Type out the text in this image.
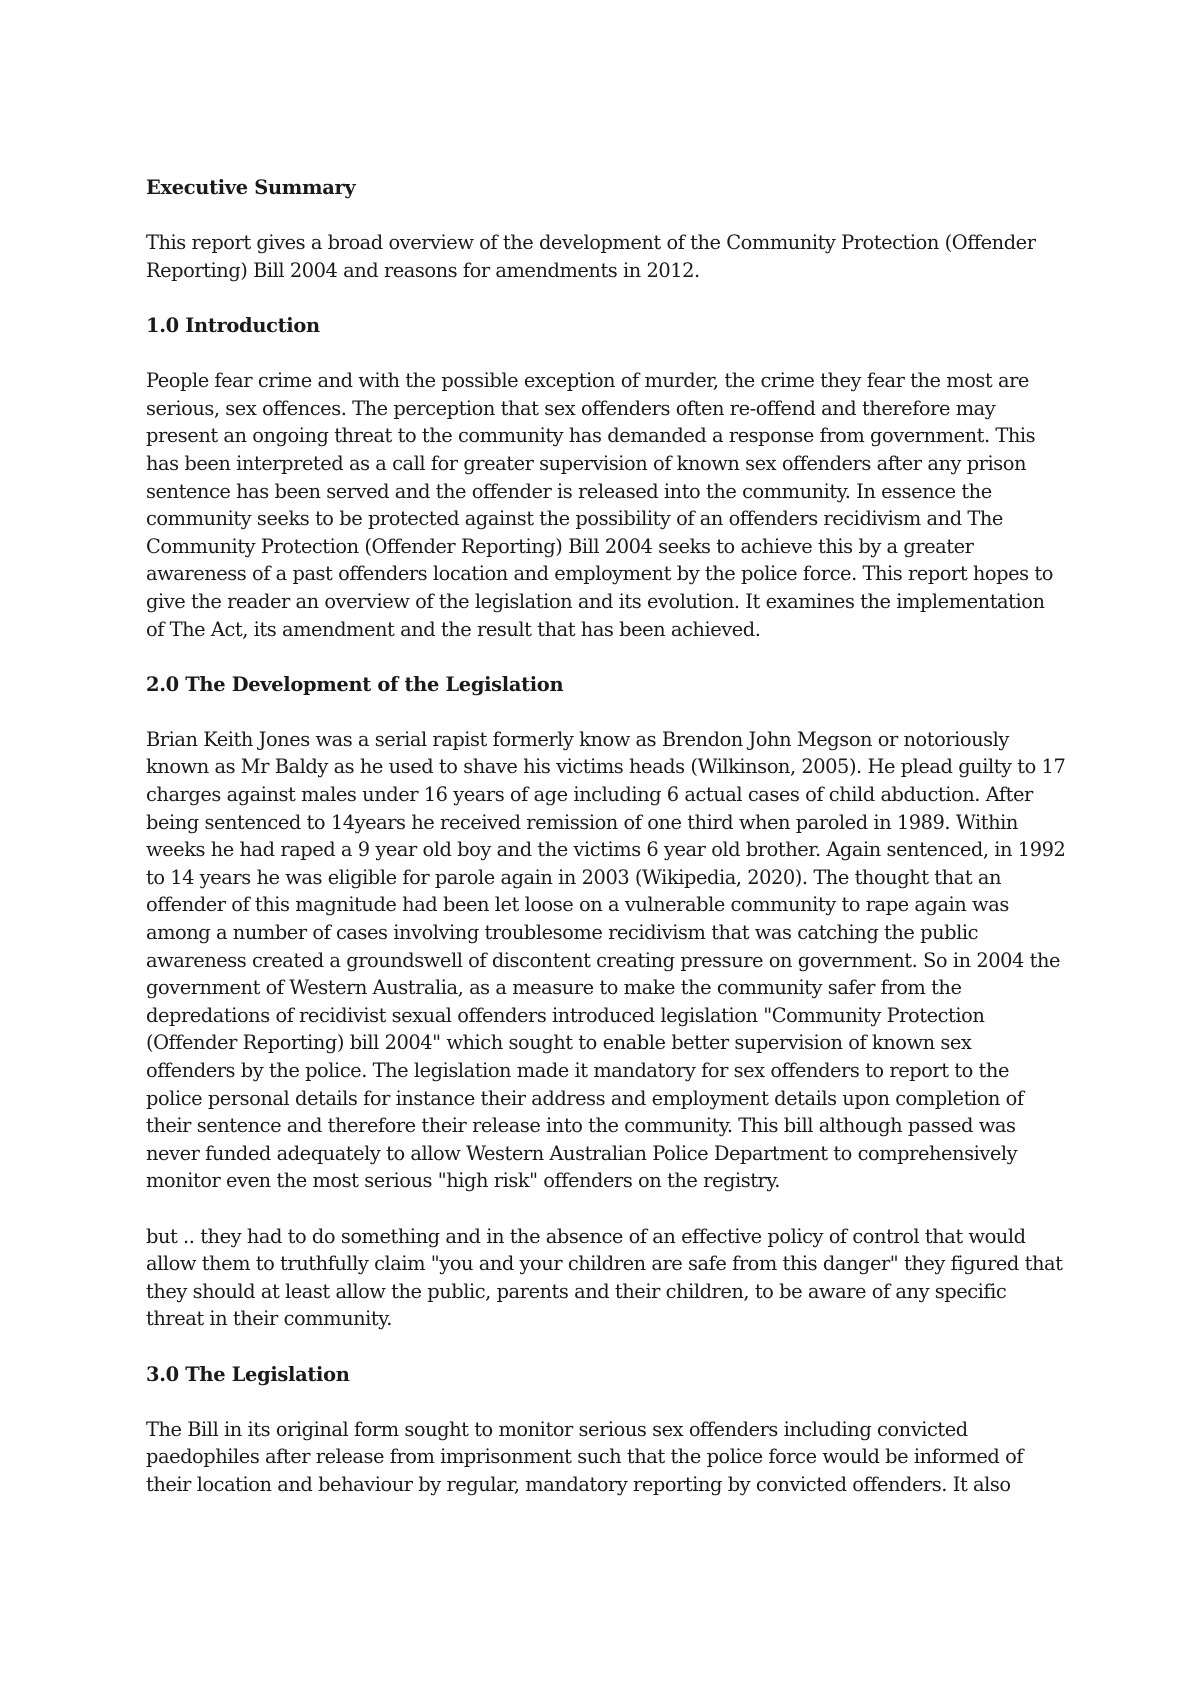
Executive Summary

This report gives a broad overview of the development of the Community Protection (Offender Reporting) Bill 2004 and reasons for amendments in 2012.

1.0 Introduction

People fear crime and with the possible exception of murder, the crime they fear the most are serious, sex offences. The perception that sex offenders often re-offend and therefore may present an ongoing threat to the community has demanded a response from government. This has been interpreted as a call for greater supervision of known sex offenders after any prison sentence has been served and the offender is released into the community. In essence the community seeks to be protected against the possibility of an offenders recidivism and The Community Protection (Offender Reporting) Bill 2004 seeks to achieve this by a greater awareness of a past offenders location and employment by the police force. This report hopes to give the reader an overview of the legislation and its evolution. It examines the implementation of The Act, its amendment and the result that has been achieved.

2.0 The Development of the Legislation

Brian Keith Jones was a serial rapist formerly know as Brendon John Megson or notoriously known as Mr Baldy as he used to shave his victims heads (Wilkinson, 2005). He plead guilty to 17 charges against males under 16 years of age including 6 actual cases of child abduction. After being sentenced to 14years he received remission of one third when paroled in 1989. Within weeks he had raped a 9 year old boy and the victims 6 year old brother. Again sentenced, in 1992 to 14 years he was eligible for parole again in 2003 (Wikipedia, 2020). The thought that an offender of this magnitude had been let loose on a vulnerable community to rape again was among a number of cases involving troublesome recidivism that was catching the public awareness created a groundswell of discontent creating pressure on government. So in 2004 the government of Western Australia, as a measure to make the community safer from the depredations of recidivist sexual offenders introduced legislation "Community Protection (Offender Reporting) bill 2004" which sought to enable better supervision of known sex offenders by the police. The legislation made it mandatory for sex offenders to report to the police personal details for instance their address and employment details upon completion of their sentence and therefore their release into the community. This bill although passed was never funded adequately to allow Western Australian Police Department to comprehensively monitor even the most serious "high risk" offenders on the registry.

but .. they had to do something and in the absence of an effective policy of control that would allow them to truthfully claim "you and your children are safe from this danger" they figured that they should at least allow the public, parents and their children, to be aware of any specific threat in their community.

3.0 The Legislation

The Bill in its original form sought to monitor serious sex offenders including convicted paedophiles after release from imprisonment such that the police force would be informed of their location and behaviour by regular, mandatory reporting by convicted offenders. It also
